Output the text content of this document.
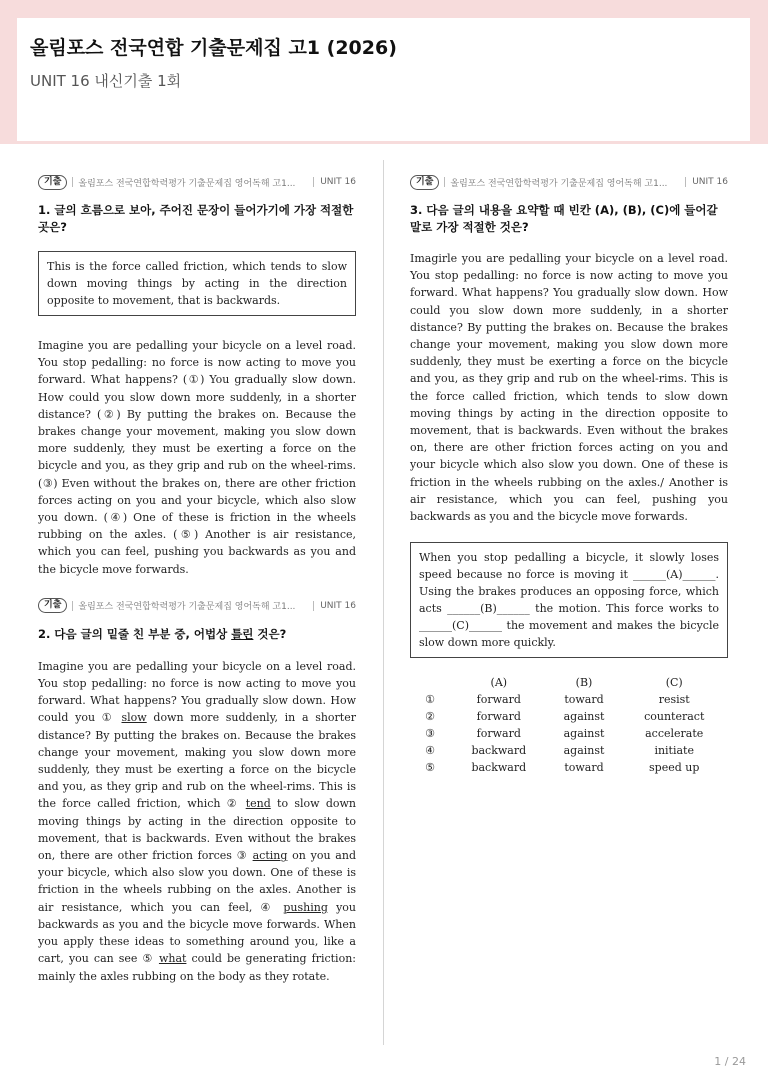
올림포스 전국연합 기출문제집 고1 (2026)
UNIT 16 내신기출 1회
기출	올림포스 전국연합학력평가 기출문제집 영어독해 고1...	UNIT 16
1. 글의 흐름으로 보아, 주어진 문장이 들어가기에 가장 적절한 곳은?
This is the force called friction, which tends to slow down moving things by acting in the direction opposite to movement, that is backwards.
Imagine you are pedalling your bicycle on a level road. You stop pedalling: no force is now acting to move you forward. What happens? (①) You gradually slow down. How could you slow down more suddenly, in a shorter distance? (②) By putting the brakes on. Because the brakes change your movement, making you slow down more suddenly, they must be exerting a force on the bicycle and you, as they grip and rub on the wheel-rims. (③) Even without the brakes on, there are other friction forces acting on you and your bicycle, which also slow you down. (④) One of these is friction in the wheels rubbing on the axles. (⑤) Another is air resistance, which you can feel, pushing you backwards as you and the bicycle move forwards.
기출	올림포스 전국연합학력평가 기출문제집 영어독해 고1...	UNIT 16
2. 다음 글의 밑줄 친 부분 중, 어법상 틀린 것은?
Imagine you are pedalling your bicycle on a level road. You stop pedalling: no force is now acting to move you forward. What happens? You gradually slow down. How could you ① slow down more suddenly, in a shorter distance? By putting the brakes on. Because the brakes change your movement, making you slow down more suddenly, they must be exerting a force on the bicycle and you, as they grip and rub on the wheel-rims. This is the force called friction, which ② tend to slow down moving things by acting in the direction opposite to movement, that is backwards. Even without the brakes on, there are other friction forces ③ acting on you and your bicycle, which also slow you down. One of these is friction in the wheels rubbing on the axles. Another is air resistance, which you can feel, ④ pushing you backwards as you and the bicycle move forwards. When you apply these ideas to something around you, like a cart, you can see ⑤ what could be generating friction: mainly the axles rubbing on the body as they rotate.
기출	올림포스 전국연합학력평가 기출문제집 영어독해 고1...	UNIT 16
3. 다음 글의 내용을 요약할 때 빈칸 (A), (B), (C)에 들어갈 말로 가장 적절한 것은?
Imagirle you are pedalling your bicycle on a level road. You stop pedalling: no force is now acting to move you forward. What happens? You gradually slow down. How could you slow down more suddenly, in a shorter distance? By putting the brakes on. Because the brakes change your movement, making you slow down more suddenly, they must be exerting a force on the bicycle and you, as they grip and rub on the wheel-rims. This is the force called friction, which tends to slow down moving things by acting in the direction opposite to movement, that is backwards. Even without the brakes on, there are other friction forces acting on you and your bicycle which also slow you down. One of these is friction in the wheels rubbing on the axles./ Another is air resistance, which you can feel, pushing you backwards as you and the bicycle move forwards.
When you stop pedalling a bicycle, it slowly loses speed because no force is moving it ______(A)______. Using the brakes produces an opposing force, which acts ______(B)______ the motion. This force works to ______(C)______ the movement and makes the bicycle slow down more quickly.
	(A)	(B)	(C)
①	forward	toward	resist
②	forward	against	counteract
③	forward	against	accelerate
④	backward	against	initiate
⑤	backward	toward	speed up
1 / 24
